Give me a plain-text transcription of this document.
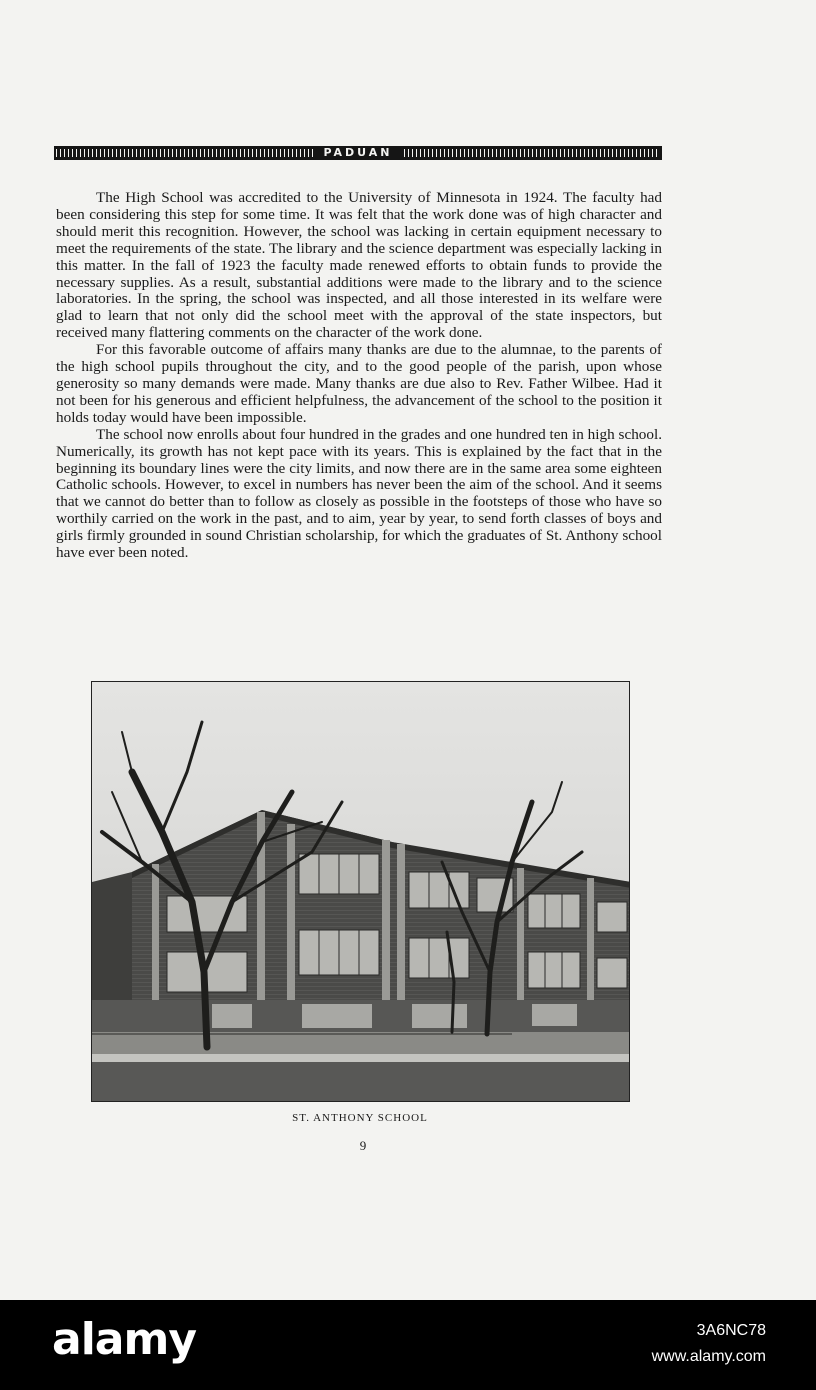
PADUAN

The High School was accredited to the University of Minnesota in 1924. The faculty had been considering this step for some time. It was felt that the work done was of high character and should merit this recognition. However, the school was lacking in certain equipment necessary to meet the requirements of the state. The library and the science department was especially lacking in this matter. In the fall of 1923 the faculty made renewed efforts to obtain funds to provide the necessary supplies. As a result, substantial additions were made to the library and to the science laboratories. In the spring, the school was inspected, and all those interested in its welfare were glad to learn that not only did the school meet with the approval of the state inspectors, but received many flattering comments on the character of the work done.

For this favorable outcome of affairs many thanks are due to the alumnae, to the parents of the high school pupils throughout the city, and to the good people of the parish, upon whose generosity so many demands were made. Many thanks are due also to Rev. Father Wilbee. Had it not been for his generous and efficient helpfulness, the advancement of the school to the position it holds today would have been impossible.

The school now enrolls about four hundred in the grades and one hundred ten in high school. Numerically, its growth has not kept pace with its years. This is explained by the fact that in the beginning its boundary lines were the city limits, and now there are in the same area some eighteen Catholic schools. However, to excel in numbers has never been the aim of the school. And it seems that we cannot do better than to follow as closely as possible in the footsteps of those who have so worthily carried on the work in the past, and to aim, year by year, to send forth classes of boys and girls firmly grounded in sound Christian scholarship, for which the graduates of St. Anthony school have ever been noted.

ST. ANTHONY SCHOOL
9
alamy	3A6NC78
www.alamy.com
